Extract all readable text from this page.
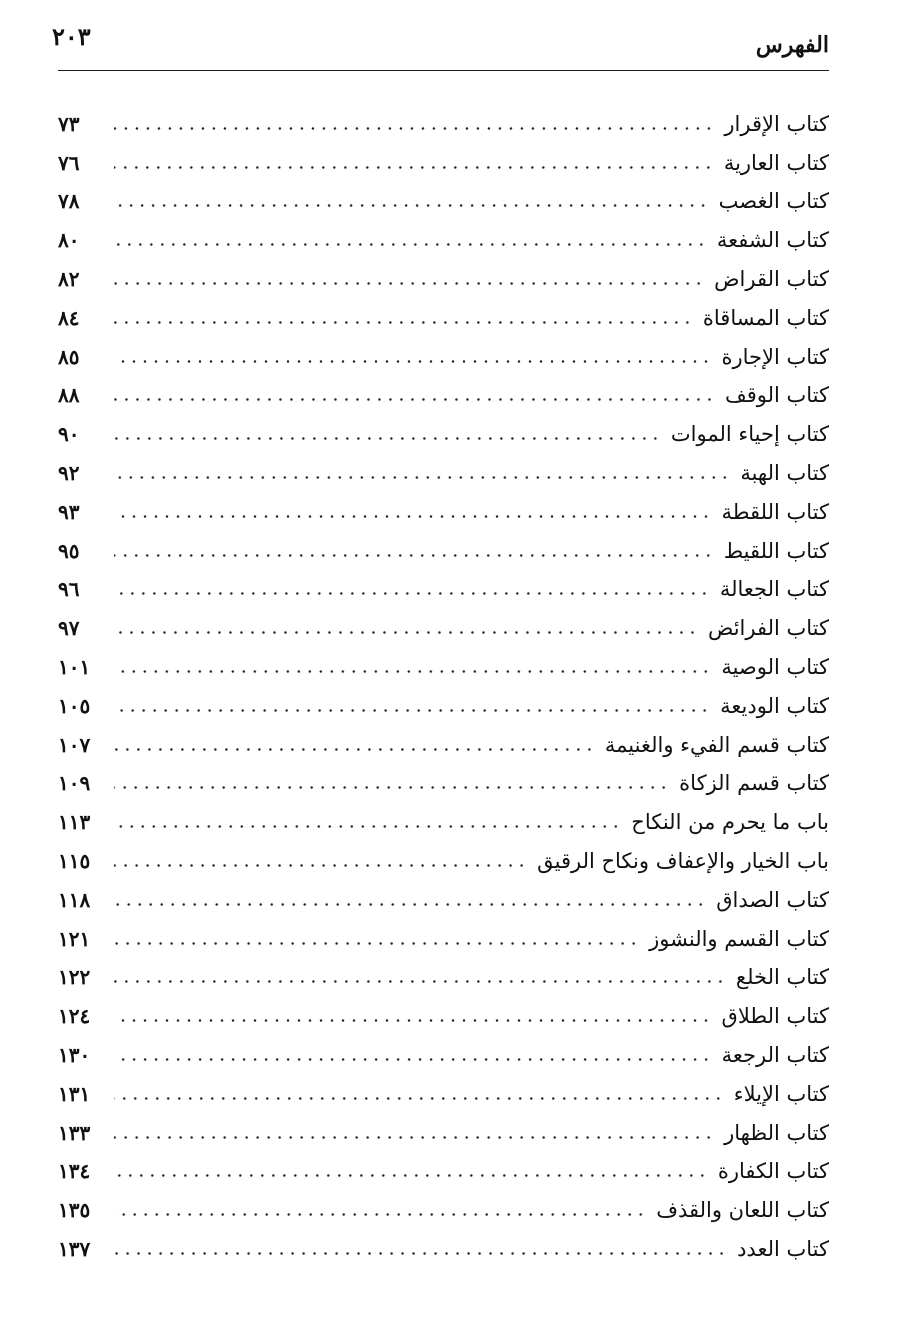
الفهرس
٢٠٣
كتاب الإقرار
٧٣
كتاب العارية
٧٦
كتاب الغصب
٧٨
كتاب الشفعة
٨٠
كتاب القراض
٨٢
كتاب المساقاة
٨٤
كتاب الإجارة
٨٥
كتاب الوقف
٨٨
كتاب إحياء الموات
٩٠
كتاب الهبة
٩٢
كتاب اللقطة
٩٣
كتاب اللقيط
٩٥
كتاب الجعالة
٩٦
كتاب الفرائض
٩٧
كتاب الوصية
١٠١
كتاب الوديعة
١٠٥
كتاب قسم الفيء والغنيمة
١٠٧
كتاب قسم الزكاة
١٠٩
باب ما يحرم من النكاح
١١٣
باب الخيار والإعفاف ونكاح الرقيق
١١٥
كتاب الصداق
١١٨
كتاب القسم والنشوز
١٢١
كتاب الخلع
١٢٢
كتاب الطلاق
١٢٤
كتاب الرجعة
١٣٠
كتاب الإيلاء
١٣١
كتاب الظهار
١٣٣
كتاب الكفارة
١٣٤
كتاب اللعان والقذف
١٣٥
كتاب العدد
١٣٧
